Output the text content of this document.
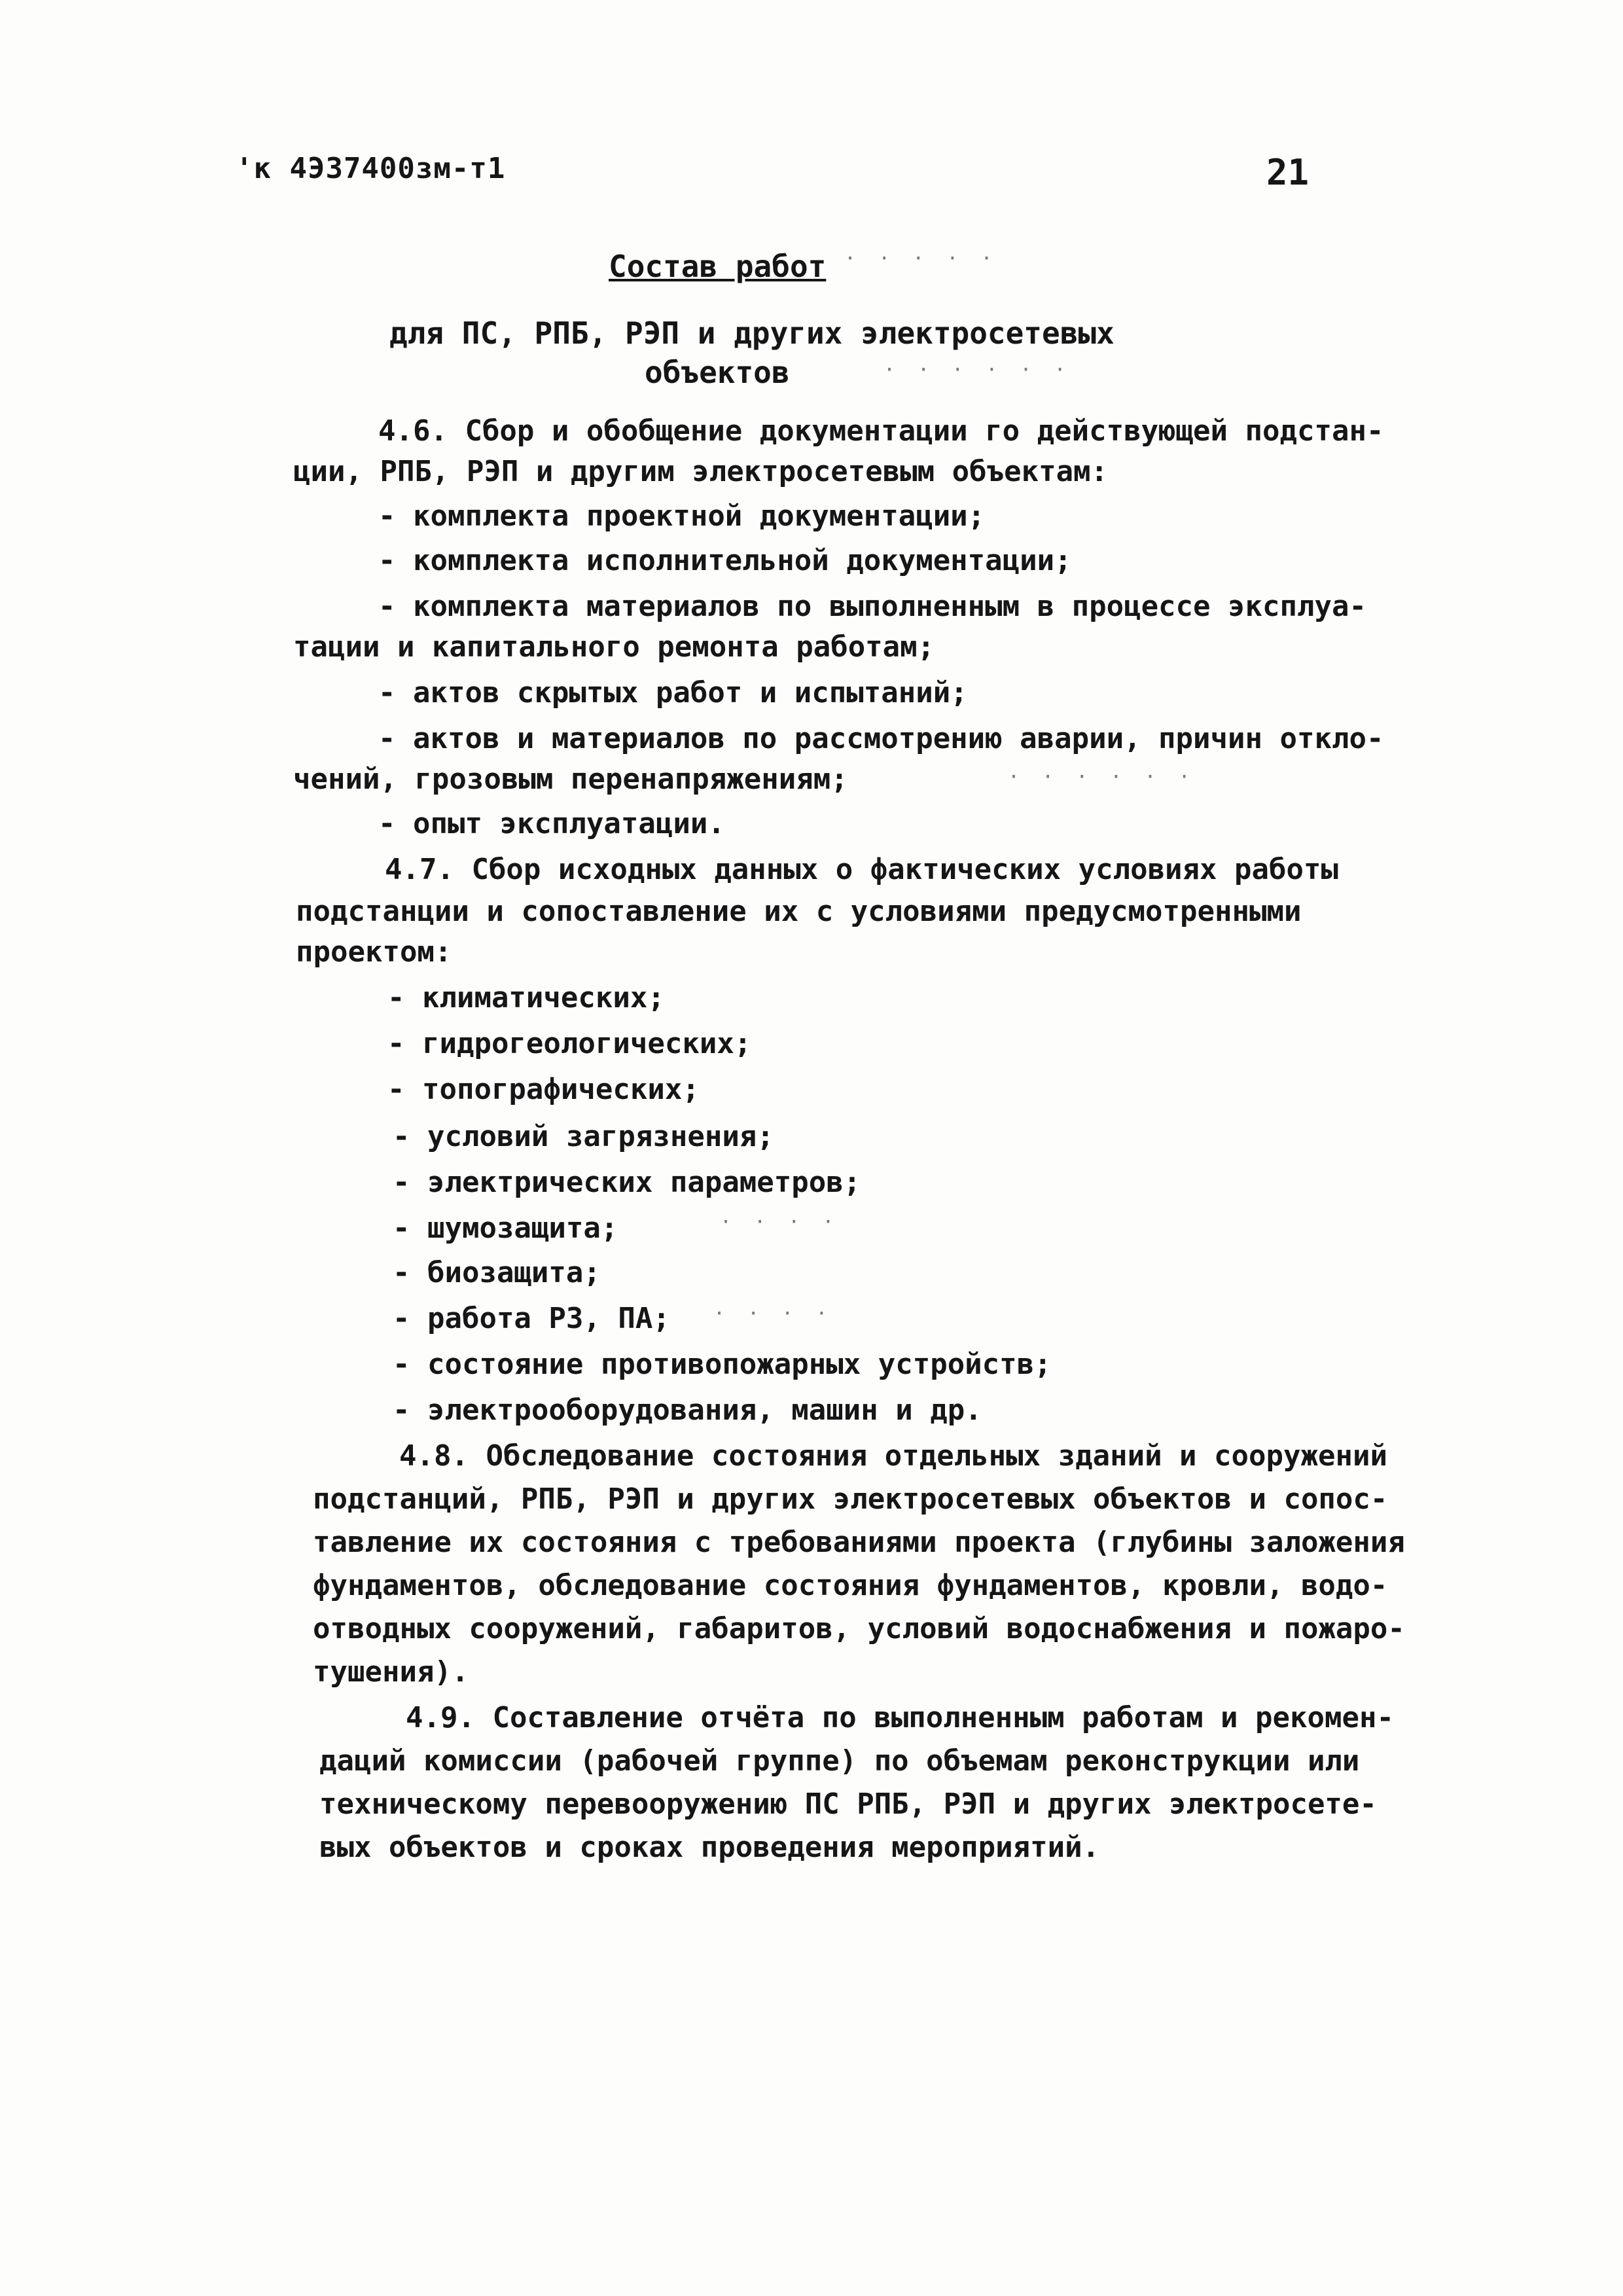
'к 4Э37400зм-т1	21
Состав работ
для ПС, РПБ, РЭП и других электросетевых
объектов
4.6. Сбор и обобщение документации го действующей подстан-
ции, РПБ, РЭП и другим электросетевым объектам:
- комплекта проектной документации;
- комплекта исполнительной документации;
- комплекта материалов по выполненным в процессе эксплуа-
тации и капитального ремонта работам;
- актов скрытых работ и испытаний;
- актов и материалов по рассмотрению аварии, причин откло-
чений, грозовым перенапряжениям;
- опыт эксплуатации.
4.7. Сбор исходных данных о фактических условиях работы
подстанции и сопоставление их с условиями предусмотренными
проектом:
- климатических;
- гидрогеологических;
- топографических;
- условий загрязнения;
- электрических параметров;
- шумозащита;
- биозащита;
- работа РЗ, ПА;
- состояние противопожарных устройств;
- электрооборудования, машин и др.
4.8. Обследование состояния отдельных зданий и сооружений
подстанций, РПБ, РЭП и других электросетевых объектов и сопос-
тавление их состояния с требованиями проекта (глубины заложения
фундаментов, обследование состояния фундаментов, кровли, водо-
отводных сооружений, габаритов, условий водоснабжения и пожаро-
тушения).
4.9. Составление отчёта по выполненным работам и рекомен-
даций комиссии (рабочей группе) по объемам реконструкции или
техническому перевооружению ПС РПБ, РЭП и других электросете-
вых объектов и сроках проведения мероприятий.
· · · · ·
· · · · · ·
· · · · · ·
· · · ·
· · · ·
